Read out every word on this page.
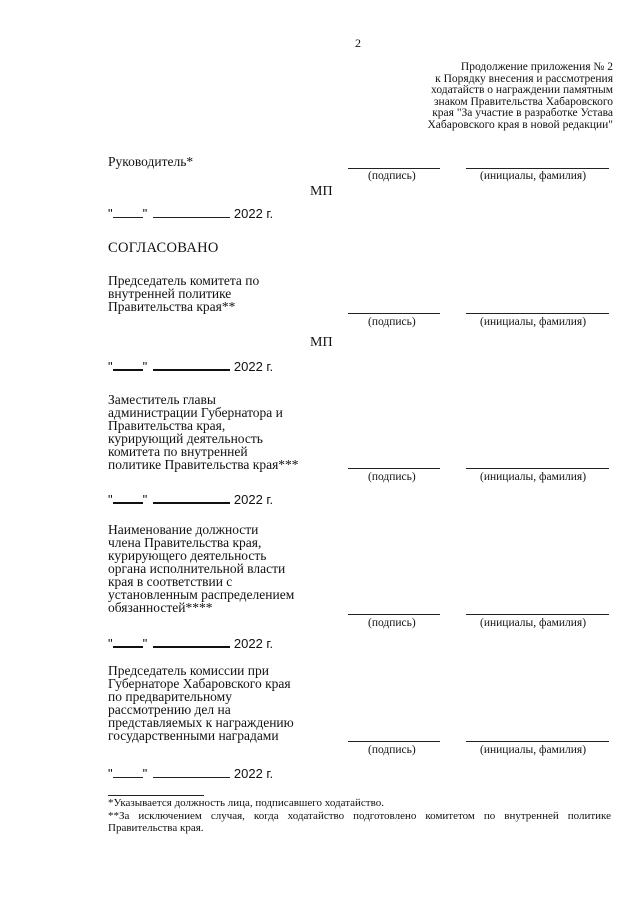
2
Продолжение приложения № 2
к Порядку внесения и рассмотрения
ходатайств о награждении памятным
знаком Правительства Хабаровского
края "За участие в разработке Устава
Хабаровского края в новой редакции"
Руководитель*
(подпись)	(инициалы, фамилия)
МП
" "	2022 г.
СОГЛАСОВАНО
Председатель комитета по
внутренней политике
Правительства края**
(подпись)	(инициалы, фамилия)
МП
" "	2022 г.
Заместитель главы
администрации Губернатора и
Правительства края,
курирующий деятельность
комитета по внутренней
политике Правительства края***
(подпись)	(инициалы, фамилия)
" "	2022 г.
Наименование должности
члена Правительства края,
курирующего деятельность
органа исполнительной власти
края в соответствии с
установленным распределением
обязанностей****
(подпись)	(инициалы, фамилия)
" "	2022 г.
Председатель комиссии при
Губернаторе Хабаровского края
по предварительному
рассмотрению дел на
представляемых к награждению
государственными наградами
(подпись)	(инициалы, фамилия)
" "	2022 г.
*Указывается должность лица, подписавшего ходатайство.
**За исключением случая, когда ходатайство подготовлено комитетом по внутренней политике Правительства края.
